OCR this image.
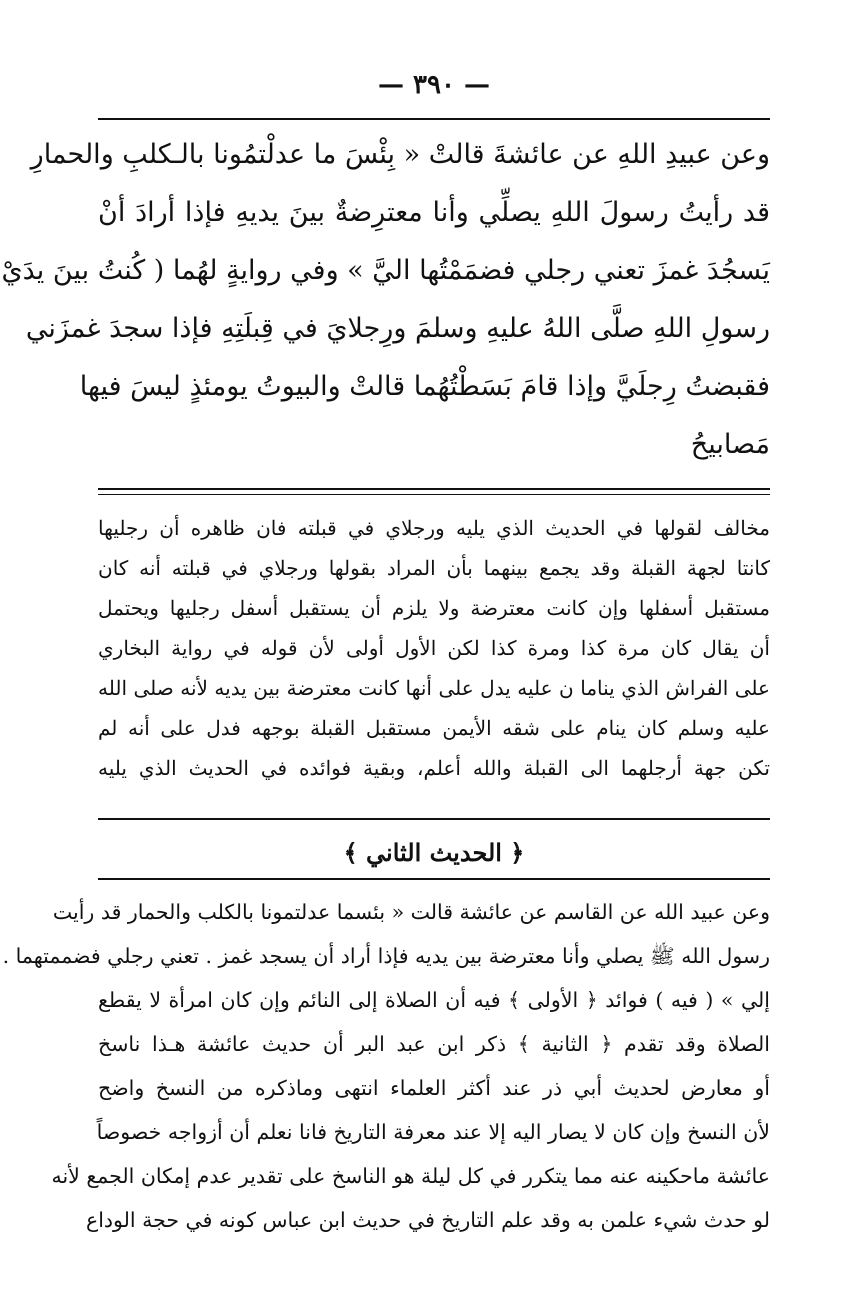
— ٣٩٠ —
وعن عبيدِ اللهِ عن عائشةَ قالتْ « بِئْسَ ما عدلْتمُونا بالـكلبِ والحمارِ
قد رأيتُ رسولَ اللهِ يصلِّي وأنا معترِضةٌ بينَ يديهِ فإذا أرادَ أنْ
يَسجُدَ غمزَ تعني رجلي فضمَمْتُها اليَّ » وفي روايةٍ لهُما ( كُنتُ بينَ يدَيْ
رسولِ اللهِ صلَّى اللهُ عليهِ وسلمَ ورِجلايَ في قِبلَتِهِ فإذا سجدَ غمزَني
فقبضتُ رِجلَيَّ وإذا قامَ بَسَطْتُهُما قالتْ والبيوتُ يومئذٍ ليسَ فيها
مَصابيحُ
مخالف لقولها في الحديث الذي يليه ورجلاي في قبلته فان ظاهره أن رجليها
كانتا لجهة القبلة وقد يجمع بينهما بأن المراد بقولها ورجلاي في قبلته أنه كان
مستقبل أسفلها وإن كانت معترضة ولا يلزم أن يستقبل أسفل رجليها ويحتمل
أن يقال كان مرة كذا ومرة كذا لكن الأول أولى لأن قوله في رواية البخاري
على الفراش الذي يناما ن عليه يدل على أنها كانت معترضة بين يديه لأنه صلى الله
عليه وسلم كان ينام على شقه الأيمن مستقبل القبلة بوجهه فدل على أنه لم
تكن جهة أرجلهما الى القبلة والله أعلم، وبقية فوائده في الحديث الذي يليه
﴿ الحديث الثاني ﴾
وعن عبيد الله عن القاسم عن عائشة قالت « بئسما عدلتمونا بالكلب والحمار قد رأيت
رسول الله ﷺ يصلي وأنا معترضة بين يديه فإذا أراد أن يسجد غمز . تعني رجلي فضممتهما .
إلي » ( فيه ) فوائد ﴿ الأولى ﴾ فيه أن الصلاة إلى النائم وإن كان امرأة لا يقطع
الصلاة وقد تقدم ﴿ الثانية ﴾ ذكر ابن عبد البر أن حديث عائشة هـذا ناسخ
أو معارض لحديث أبي ذر عند أكثر العلماء انتهى وماذكره من النسخ واضح
لأن النسخ وإن كان لا يصار اليه إلا عند معرفة التاريخ فانا نعلم أن أزواجه خصوصاً
عائشة ماحكينه عنه مما يتكرر في كل ليلة هو الناسخ على تقدير عدم إمكان الجمع لأنه
لو حدث شيء علمن به وقد علم التاريخ في حديث ابن عباس كونه في حجة الوداع
